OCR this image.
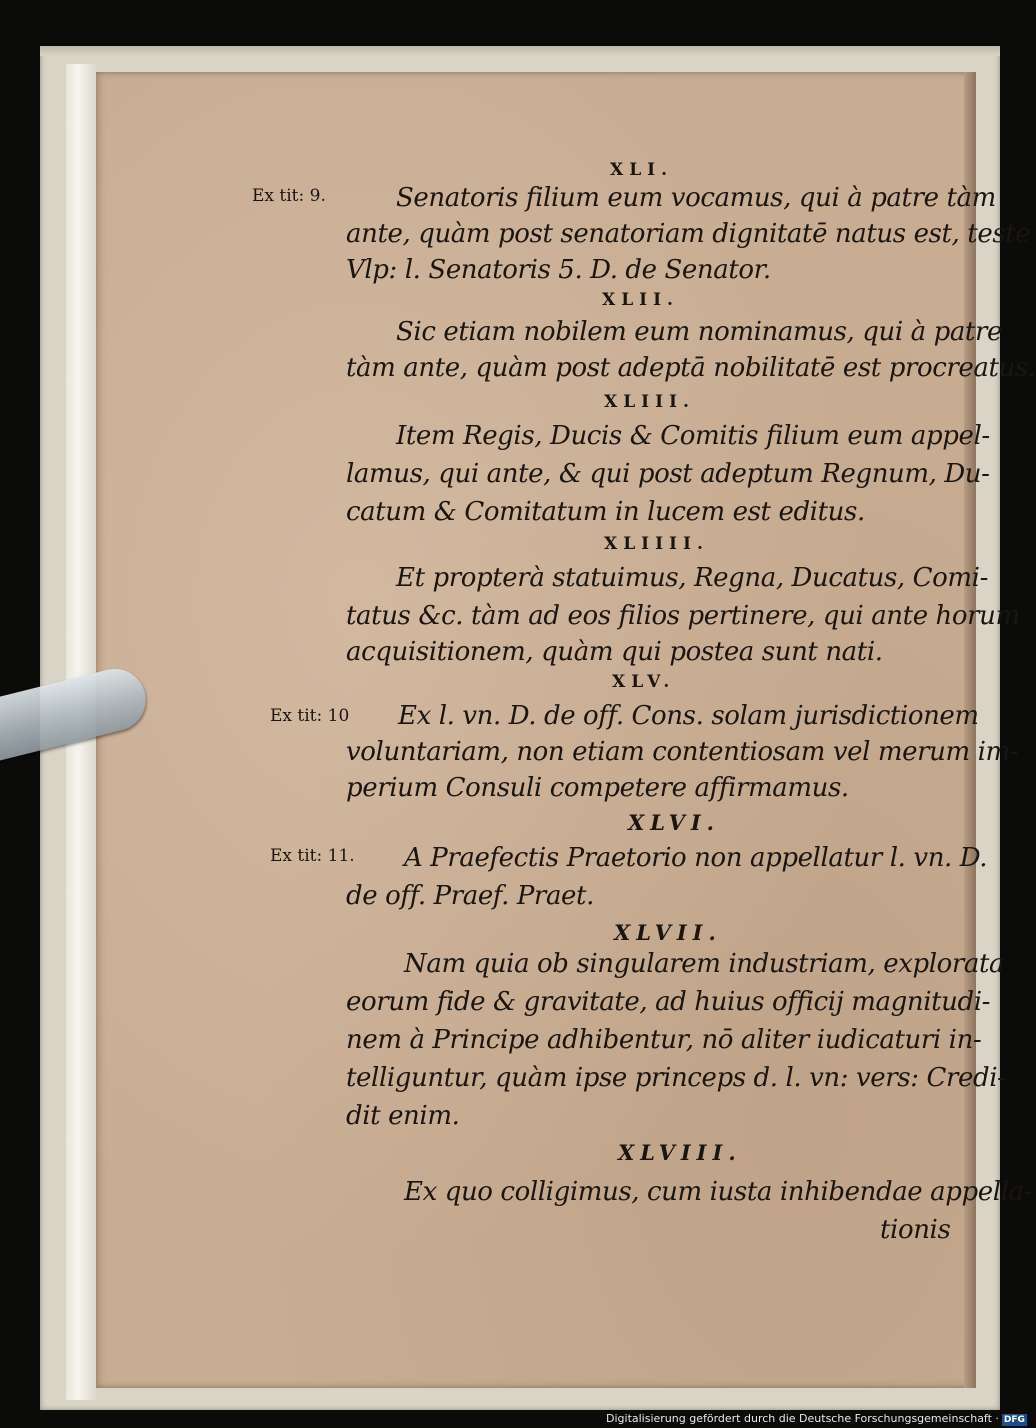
XLI.
Ex tit: 9.	Senatoris filium eum vocamus, qui à patre tàm
ante, quàm post senatoriam dignitatē natus est, teste
Vlp: l. Senatoris 5. D. de Senator.
XLII.
Sic etiam nobilem eum nominamus, qui à patre
tàm ante, quàm post adeptā nobilitatē est procreatus.
XLIII.
Item Regis, Ducis & Comitis filium eum appel-
lamus, qui ante, & qui post adeptum Regnum, Du-
catum & Comitatum in lucem est editus.
XLIIII.
Et propterà statuimus, Regna, Ducatus, Comi-
tatus &c. tàm ad eos filios pertinere, qui ante horum
acquisitionem, quàm qui postea sunt nati.
XLV.
Ex tit: 10 Ex l. vn. D. de off. Cons. solam jurisdictionem
voluntariam, non etiam contentiosam vel merum im-
perium Consuli competere affirmamus.
XLVI.
Ex tit: 11. A Praefectis Praetorio non appellatur l. vn. D.
de off. Praef. Praet.
XLVII.
Nam quia ob singularem industriam, explorata
eorum fide & gravitate, ad huius officij magnitudi-
nem à Principe adhibentur, nō aliter iudicaturi in-
telliguntur, quàm ipse princeps d. l. vn: vers: Credi-
dit enim.
XLVIII.
Ex quo colligimus, cum iusta inhibendae appella-
tionis
Digitalisierung gefördert durch die Deutsche Forschungsgemeinschaft · DFG
